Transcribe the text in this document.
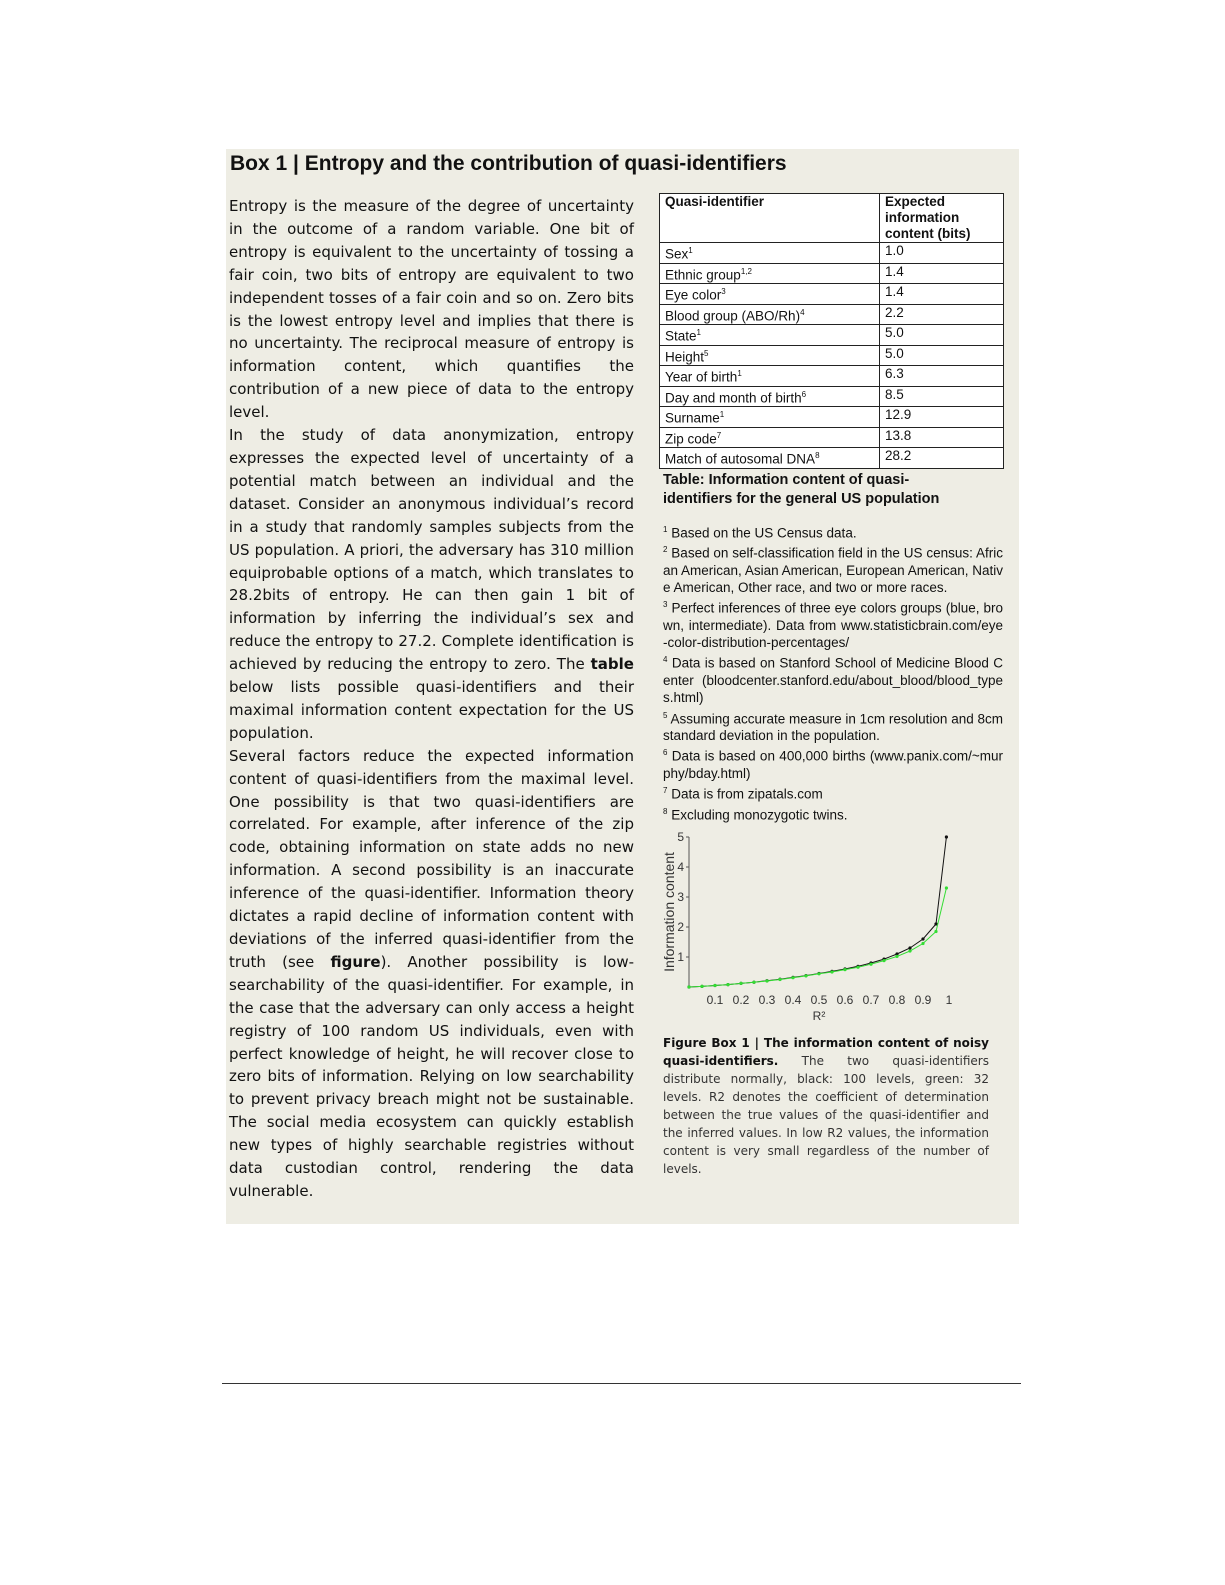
Box 1 | Entropy and the contribution of quasi-identifiers

Entropy is the measure of the degree of uncertainty in the outcome of a random variable. One bit of entropy is equivalent to the uncertainty of tossing a fair coin, two bits of entropy are equivalent to two independent tosses of a fair coin and so on. Zero bits is the lowest entropy level and implies that there is no uncertainty. The reciprocal measure of entropy is information content, which quantifies the contribution of a new piece of data to the entropy level.

In the study of data anonymization, entropy expresses the expected level of uncertainty of a potential match between an individual and the dataset. Consider an anonymous individual’s record in a study that randomly samples subjects from the US population. A priori, the adversary has 310 million equiprobable options of a match, which translates to 28.2bits of entropy. He can then gain 1 bit of information by inferring the individual’s sex and reduce the entropy to 27.2. Complete identification is achieved by reducing the entropy to zero. The table below lists possible quasi-identifiers and their maximal information content expectation for the US population.

Several factors reduce the expected information content of quasi-identifiers from the maximal level. One possibility is that two quasi-identifiers are correlated. For example, after inference of the zip code, obtaining information on state adds no new information. A second possibility is an inaccurate inference of the quasi-identifier. Information theory dictates a rapid decline of information content with deviations of the inferred quasi-identifier from the truth (see figure). Another possibility is low-searchability of the quasi-identifier. For example, in the case that the adversary can only access a height registry of 100 random US individuals, even with perfect knowledge of height, he will recover close to zero bits of information. Relying on low searchability to prevent privacy breach might not be sustainable. The social media ecosystem can quickly establish new types of highly searchable registries without data custodian control, rendering the data vulnerable.

Quasi-identifier	Expected information content (bits)
Sex$^1$	1.0
Ethnic group$^{1,2}$	1.4
Eye color$^3$	1.4
Blood group $(ABO/Rh)^4$	2.2
State$^1$	5.0
Height$^5$	5.0
Year of birth$^1$	6.3
Day and month of birth$^6$	8.5
Surname$^1$	12.9
Zip code$^7$	13.8
Match of autosomal DNA$^8$	28.2
Table: Information content of quasi-identifiers for the general US population

$^1$ Based on the US Census data.

$^2$ Based on self-classification field in the US census: African American, Asian American, European American, Native American, Other race, and two or more races.

$^3$ Perfect inferences of three eye colors groups (blue, brown, intermediate). Data from www.statisticbrain.com/eye-color-distribution-percentages/

$^4$ Data is based on Stanford School of Medicine Blood Center (bloodcenter.stanford.edu/about_blood/blood_types.html)

$^5$ Assuming accurate measure in 1cm resolution and 8cm standard deviation in the population.

$^6$ Data is based on 400,000 births (www.panix.com/~murphy/bday.html)

$^7$ Data is from zipatals.com

$^8$ Excluding monozygotic twins.

1
2
3
4
5
0.1 0.2 0.3 0.4 0.5 0.6 0.7 0.8 0.9 1
Information content
R²
Figure Box 1 | The information content of noisy quasi-identifiers. The two quasi-identifiers distribute normally, black: 100 levels, green: 32 levels. R2 denotes the coefficient of determination between the true values of the quasi-identifier and the inferred values. In low R2 values, the information content is very small regardless of the number of levels.
